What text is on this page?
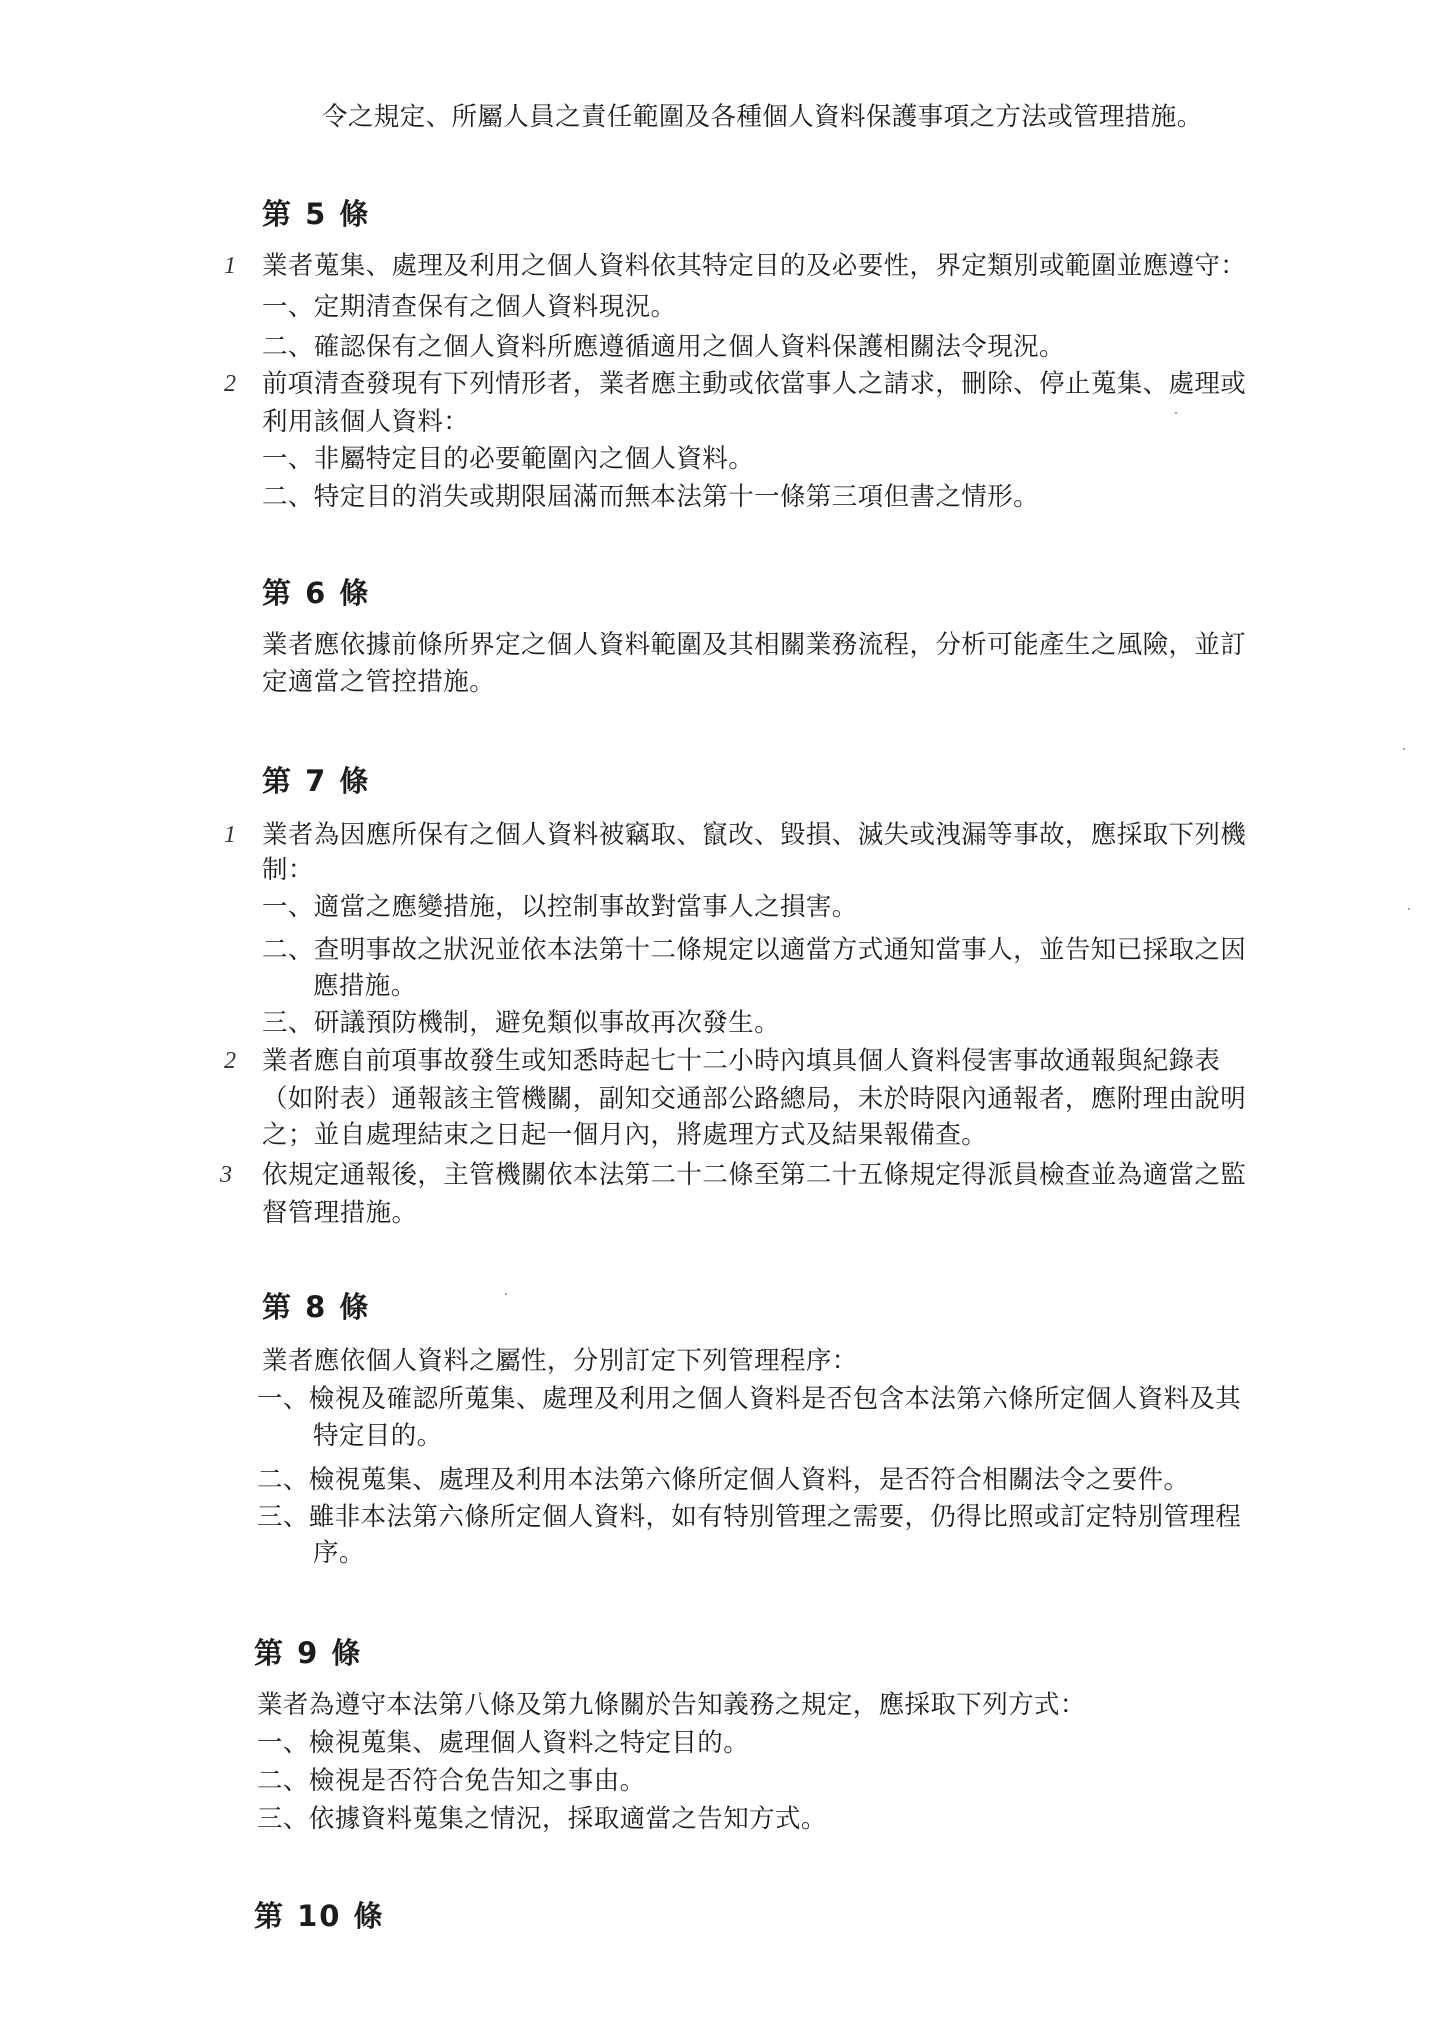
令之規定、所屬人員之責任範圍及各種個人資料保護事項之方法或管理措施。
第 5 條
1 業者蒐集、處理及利用之個人資料依其特定目的及必要性，界定類別或範圍並應遵守：
一、定期清查保有之個人資料現況。
二、確認保有之個人資料所應遵循適用之個人資料保護相關法令現況。
2 前項清查發現有下列情形者，業者應主動或依當事人之請求，刪除、停止蒐集、處理或
利用該個人資料：
一、非屬特定目的必要範圍內之個人資料。
二、特定目的消失或期限屆滿而無本法第十一條第三項但書之情形。
第 6 條
業者應依據前條所界定之個人資料範圍及其相關業務流程，分析可能產生之風險，並訂
定適當之管控措施。
第 7 條
1 業者為因應所保有之個人資料被竊取、竄改、毀損、滅失或洩漏等事故，應採取下列機
制：
一、適當之應變措施，以控制事故對當事人之損害。
二、查明事故之狀況並依本法第十二條規定以適當方式通知當事人，並告知已採取之因
應措施。
三、研議預防機制，避免類似事故再次發生。
2 業者應自前項事故發生或知悉時起七十二小時內填具個人資料侵害事故通報與紀錄表
（如附表）通報該主管機關，副知交通部公路總局，未於時限內通報者，應附理由說明
之；並自處理結束之日起一個月內，將處理方式及結果報備查。
3 依規定通報後，主管機關依本法第二十二條至第二十五條規定得派員檢查並為適當之監
督管理措施。
第 8 條
業者應依個人資料之屬性，分別訂定下列管理程序：
一、檢視及確認所蒐集、處理及利用之個人資料是否包含本法第六條所定個人資料及其
特定目的。
二、檢視蒐集、處理及利用本法第六條所定個人資料，是否符合相關法令之要件。
三、雖非本法第六條所定個人資料，如有特別管理之需要，仍得比照或訂定特別管理程
序。
第 9 條
業者為遵守本法第八條及第九條關於告知義務之規定，應採取下列方式：
一、檢視蒐集、處理個人資料之特定目的。
二、檢視是否符合免告知之事由。
三、依據資料蒐集之情況，採取適當之告知方式。
第 10 條
